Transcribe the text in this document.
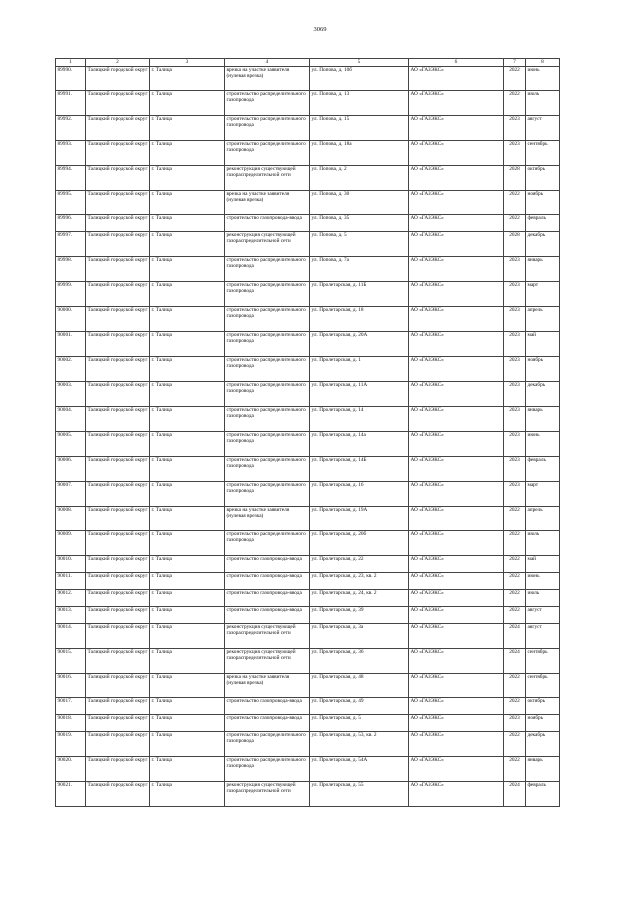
3069
1	2	3	4	5	6	7	8
89990.	Талицкий городской округ	г. Талица	врезка на участке заявителя (нулевая врезка)	ул. Попова, д. 10б	АО «ГАЗЭКС»	2022	июнь
89991.	Талицкий городской округ	г. Талица	строительство распределительного газопровода	ул. Попова, д. 13	АО «ГАЗЭКС»	2022	июль
89992.	Талицкий городской округ	г. Талица	строительство распределительного газопровода	ул. Попова, д. 15	АО «ГАЗЭКС»	2023	август
89993.	Талицкий городской округ	г. Талица	строительство распределительного газопровода	ул. Попова, д. 18а	АО «ГАЗЭКС»	2023	сентябрь
89994.	Талицкий городской округ	г. Талица	реконструкция существующей газораспределительной сети	ул. Попова, д. 2	АО «ГАЗЭКС»	2028	октябрь
89995.	Талицкий городской округ	г. Талица	врезка на участке заявителя (нулевая врезка)	ул. Попова, д. 30	АО «ГАЗЭКС»	2022	ноябрь
89996.	Талицкий городской округ	г. Талица	строительство газопровода-ввода	ул. Попова, д. 35	АО «ГАЗЭКС»	2022	февраль
89997.	Талицкий городской округ	г. Талица	реконструкция существующей газораспределительной сети	ул. Попова, д. 5	АО «ГАЗЭКС»	2028	декабрь
89998.	Талицкий городской округ	г. Талица	строительство распределительного газопровода	ул. Попова, д. 7а	АО «ГАЗЭКС»	2023	январь
89999.	Талицкий городской округ	г. Талица	строительство распределительного газопровода	ул. Пролетарская, д. 11Б	АО «ГАЗЭКС»	2023	март
90000.	Талицкий городской округ	г. Талица	строительство распределительного газопровода	ул. Пролетарская, д. 18	АО «ГАЗЭКС»	2023	апрель
90001.	Талицкий городской округ	г. Талица	строительство распределительного газопровода	ул. Пролетарская, д. 20А	АО «ГАЗЭКС»	2023	май
90002.	Талицкий городской округ	г. Талица	строительство распределительного газопровода	ул. Пролетарская, д. 1	АО «ГАЗЭКС»	2023	ноябрь
90003.	Талицкий городской округ	г. Талица	строительство распределительного газопровода	ул. Пролетарская, д. 11А	АО «ГАЗЭКС»	2023	декабрь
90004.	Талицкий городской округ	г. Талица	строительство распределительного газопровода	ул. Пролетарская, д. 14	АО «ГАЗЭКС»	2023	январь
90005.	Талицкий городской округ	г. Талица	строительство распределительного газопровода	ул. Пролетарская, д. 14а	АО «ГАЗЭКС»	2023	июнь
90006.	Талицкий городской округ	г. Талица	строительство распределительного газопровода	ул. Пролетарская, д. 14Б	АО «ГАЗЭКС»	2023	февраль
90007.	Талицкий городской округ	г. Талица	строительство распределительного газопровода	ул. Пролетарская, д. 16	АО «ГАЗЭКС»	2023	март
90008.	Талицкий городской округ	г. Талица	врезка на участке заявителя (нулевая врезка)	ул. Пролетарская, д. 19А	АО «ГАЗЭКС»	2022	апрель
90009.	Талицкий городской округ	г. Талица	строительство распределительного газопровода	ул. Пролетарская, д. 20б	АО «ГАЗЭКС»	2022	июль
90010.	Талицкий городской округ	г. Талица	строительство газопровода-ввода	ул. Пролетарская, д. 22	АО «ГАЗЭКС»	2022	май
90011.	Талицкий городской округ	г. Талица	строительство газопровода-ввода	ул. Пролетарская, д. 23, кв. 2	АО «ГАЗЭКС»	2022	июнь
90012.	Талицкий городской округ	г. Талица	строительство газопровода-ввода	ул. Пролетарская, д. 24, кв. 2	АО «ГАЗЭКС»	2022	июль
90013.	Талицкий городской округ	г. Талица	строительство газопровода-ввода	ул. Пролетарская, д. 39	АО «ГАЗЭКС»	2022	август
90014.	Талицкий городской округ	г. Талица	реконструкция существующей газораспределительной сети	ул. Пролетарская, д. 3а	АО «ГАЗЭКС»	2024	август
90015.	Талицкий городской округ	г. Талица	реконструкция существующей газораспределительной сети	ул. Пролетарская, д. 36	АО «ГАЗЭКС»	2024	сентябрь
90016.	Талицкий городской округ	г. Талица	врезка на участке заявителя (нулевая врезка)	ул. Пролетарская, д. 48	АО «ГАЗЭКС»	2022	сентябрь
90017.	Талицкий городской округ	г. Талица	строительство газопровода-ввода	ул. Пролетарская, д. 49	АО «ГАЗЭКС»	2022	октябрь
90018.	Талицкий городской округ	г. Талица	строительство газопровода-ввода	ул. Пролетарская, д. 5	АО «ГАЗЭКС»	2023	ноябрь
90019.	Талицкий городской округ	г. Талица	строительство распределительного газопровода	ул. Пролетарская, д. 53, кв. 2	АО «ГАЗЭКС»	2022	декабрь
90020.	Талицкий городской округ	г. Талица	строительство распределительного газопровода	ул. Пролетарская, д. 54А	АО «ГАЗЭКС»	2022	январь
90021.	Талицкий городской округ	г. Талица	реконструкция существующей газораспределительной сети	ул. Пролетарская, д. 55	АО «ГАЗЭКС»	2024	февраль
